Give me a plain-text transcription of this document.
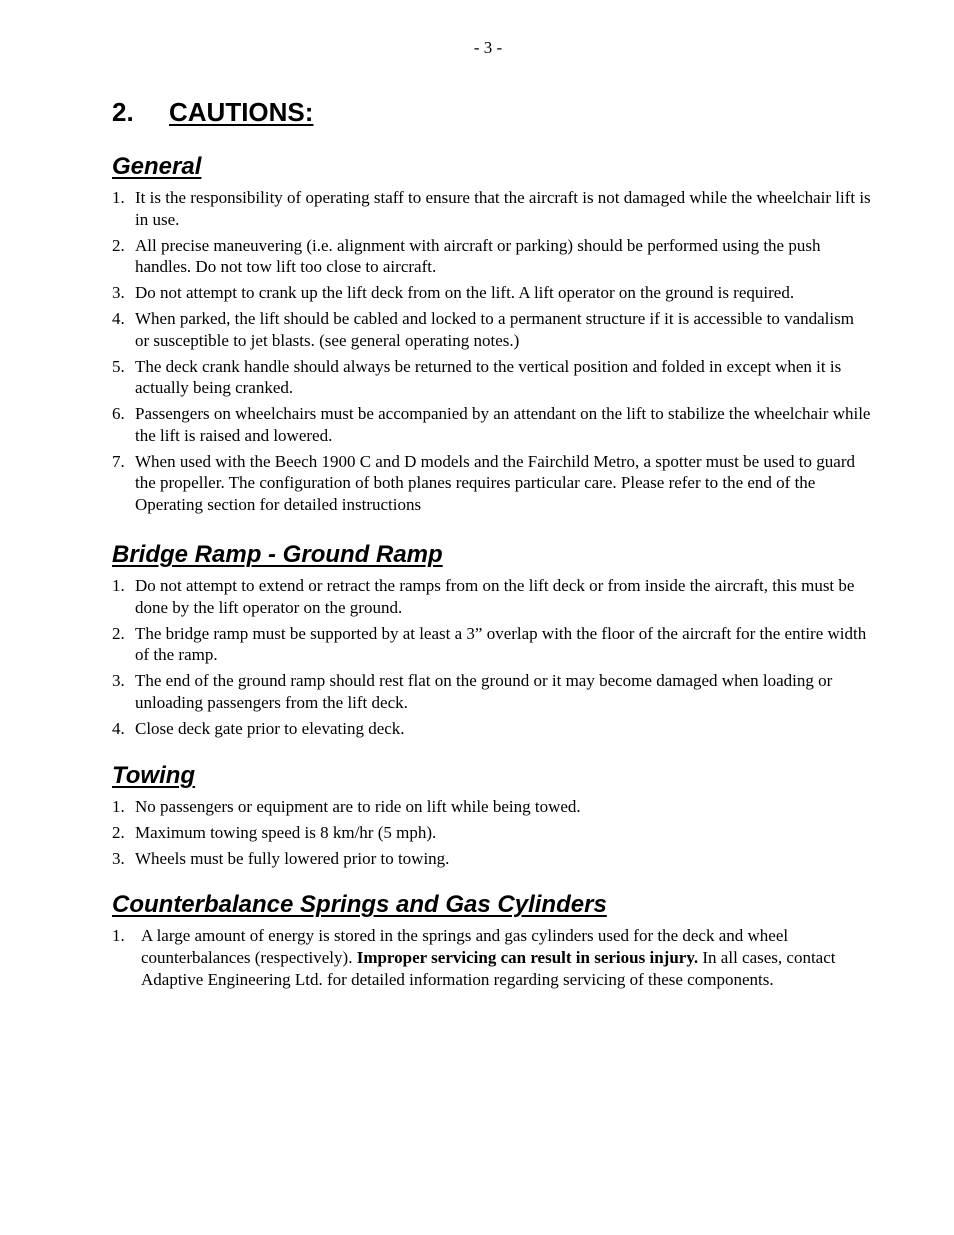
- 3 -
2. CAUTIONS:
General
1. It is the responsibility of operating staff to ensure that the aircraft is not damaged while the wheelchair lift is in use.
2. All precise maneuvering (i.e. alignment with aircraft or parking) should be performed using the push handles. Do not tow lift too close to aircraft.
3. Do not attempt to crank up the lift deck from on the lift. A lift operator on the ground is required.
4. When parked, the lift should be cabled and locked to a permanent structure if it is accessible to vandalism or susceptible to jet blasts. (see general operating notes.)
5. The deck crank handle should always be returned to the vertical position and folded in except when it is actually being cranked.
6. Passengers on wheelchairs must be accompanied by an attendant on the lift to stabilize the wheelchair while the lift is raised and lowered.
7. When used with the Beech 1900 C and D models and the Fairchild Metro, a spotter must be used to guard the propeller. The configuration of both planes requires particular care. Please refer to the end of the Operating section for detailed instructions
Bridge Ramp - Ground Ramp
1. Do not attempt to extend or retract the ramps from on the lift deck or from inside the aircraft, this must be done by the lift operator on the ground.
2. The bridge ramp must be supported by at least a 3” overlap with the floor of the aircraft for the entire width of the ramp.
3. The end of the ground ramp should rest flat on the ground or it may become damaged when loading or unloading passengers from the lift deck.
4. Close deck gate prior to elevating deck.
Towing
1. No passengers or equipment are to ride on lift while being towed.
2. Maximum towing speed is 8 km/hr (5 mph).
3. Wheels must be fully lowered prior to towing.
Counterbalance Springs and Gas Cylinders
1. A large amount of energy is stored in the springs and gas cylinders used for the deck and wheel counterbalances (respectively). Improper servicing can result in serious injury. In all cases, contact Adaptive Engineering Ltd. for detailed information regarding servicing of these components.
